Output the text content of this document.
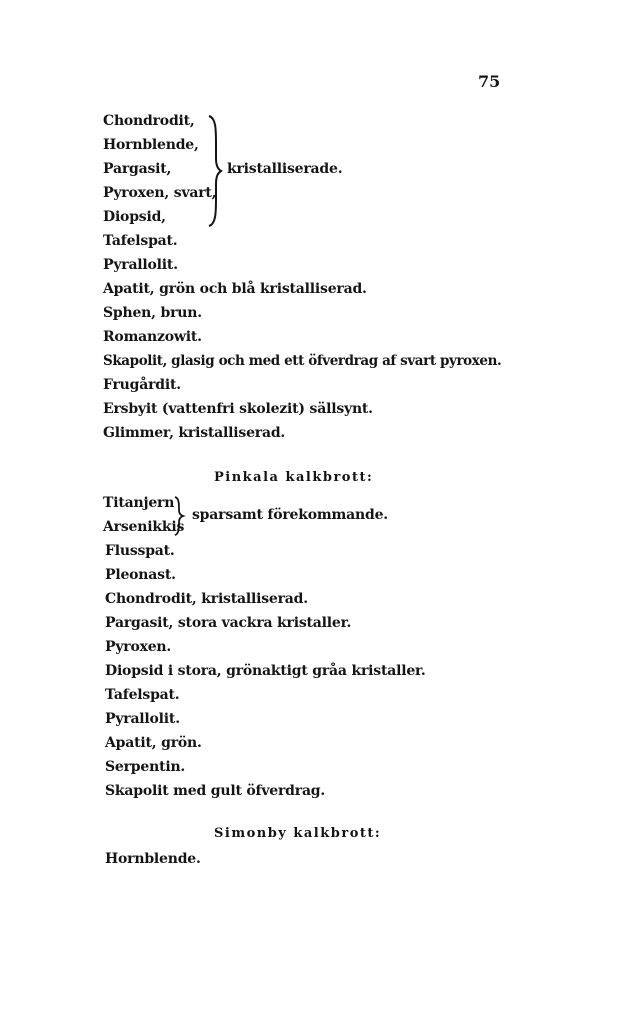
75
Chondrodit,
Hornblende,
Pargasit,
Pyroxen, svart,
Diopsid,
kristalliserade.
Tafelspat.
Pyrallolit.
Apatit, grön och blå kristalliserad.
Sphen, brun.
Romanzowit.
Skapolit, glasig och med ett öfverdrag af svart pyroxen.
Frugårdit.
Ersbyit (vattenfri skolezit) sällsynt.
Glimmer, kristalliserad.
Pinkala kalkbrott:
Titanjern
Arsenikkis
sparsamt förekommande.
Flusspat.
Pleonast.
Chondrodit, kristalliserad.
Pargasit, stora vackra kristaller.
Pyroxen.
Diopsid i stora, grönaktigt gråa kristaller.
Tafelspat.
Pyrallolit.
Apatit, grön.
Serpentin.
Skapolit med gult öfverdrag.
Simonby kalkbrott:
Hornblende.
